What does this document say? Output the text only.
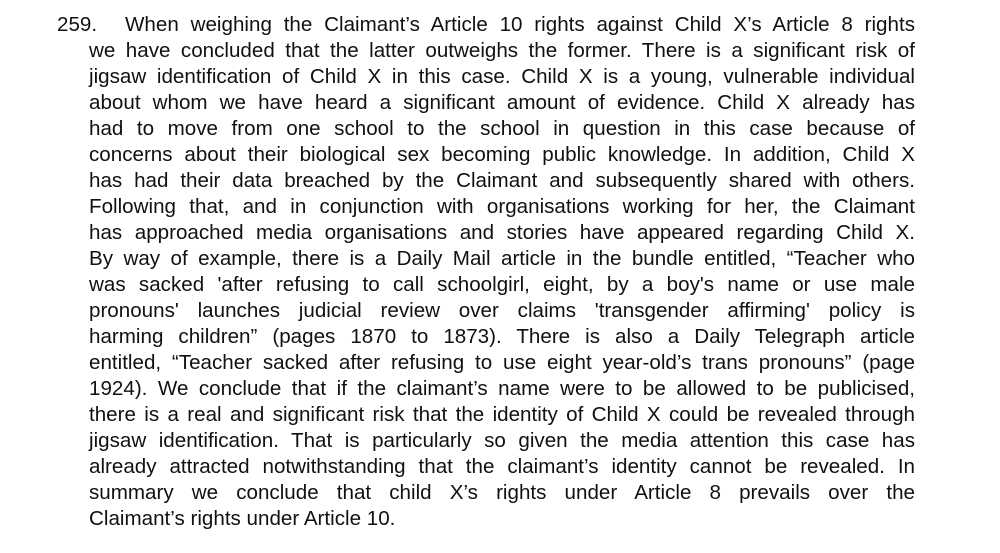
259. When weighing the Claimant’s Article 10 rights against Child X’s Article 8 rights
we have concluded that the latter outweighs the former. There is a significant risk of
jigsaw identification of Child X in this case. Child X is a young, vulnerable individual
about whom we have heard a significant amount of evidence. Child X already has
had to move from one school to the school in question in this case because of
concerns about their biological sex becoming public knowledge. In addition, Child X
has had their data breached by the Claimant and subsequently shared with others.
Following that, and in conjunction with organisations working for her, the Claimant
has approached media organisations and stories have appeared regarding Child X.
By way of example, there is a Daily Mail article in the bundle entitled, “Teacher who
was sacked 'after refusing to call schoolgirl, eight, by a boy's name or use male
pronouns' launches judicial review over claims 'transgender affirming' policy is
harming children” (pages 1870 to 1873). There is also a Daily Telegraph article
entitled, “Teacher sacked after refusing to use eight year-old’s trans pronouns” (page
1924). We conclude that if the claimant’s name were to be allowed to be publicised,
there is a real and significant risk that the identity of Child X could be revealed through
jigsaw identification. That is particularly so given the media attention this case has
already attracted notwithstanding that the claimant’s identity cannot be revealed. In
summary we conclude that child X’s rights under Article 8 prevails over the
Claimant’s rights under Article 10.
